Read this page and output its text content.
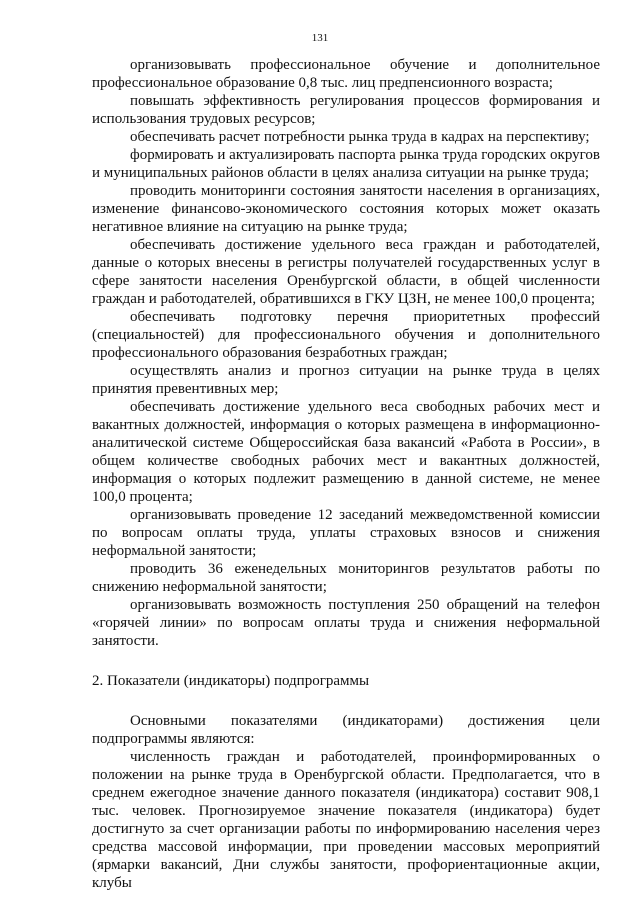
131

организовывать профессиональное обучение и дополнительное профессиональное образование 0,8 тыс. лиц предпенсионного возраста;

повышать эффективность регулирования процессов формирования и использования трудовых ресурсов;

обеспечивать расчет потребности рынка труда в кадрах на перспективу;

формировать и актуализировать паспорта рынка труда городских округов и муниципальных районов области в целях анализа ситуации на рынке труда;

проводить мониторинги состояния занятости населения в организациях, изменение финансово-экономического состояния которых может оказать негативное влияние на ситуацию на рынке труда;

обеспечивать достижение удельного веса граждан и работодателей, данные о которых внесены в регистры получателей государственных услуг в сфере занятости населения Оренбургской области, в общей численности граждан и работодателей, обратившихся в ГКУ ЦЗН, не менее 100,0 процента;

обеспечивать подготовку перечня приоритетных профессий (специальностей) для профессионального обучения и дополнительного профессионального образования безработных граждан;

осуществлять анализ и прогноз ситуации на рынке труда в целях принятия превентивных мер;

обеспечивать достижение удельного веса свободных рабочих мест и вакантных должностей, информация о которых размещена в информационно-аналитической системе Общероссийская база вакансий «Работа в России», в общем количестве свободных рабочих мест и вакантных должностей, информация о которых подлежит размещению в данной системе, не менее 100,0 процента;

организовывать проведение 12 заседаний межведомственной комиссии по вопросам оплаты труда, уплаты страховых взносов и снижения неформальной занятости;

проводить 36 еженедельных мониторингов результатов работы по снижению неформальной занятости;

организовывать возможность поступления 250 обращений на телефон «горячей линии» по вопросам оплаты труда и снижения неформальной занятости.

2. Показатели (индикаторы) подпрограммы

Основными показателями (индикаторами) достижения цели подпрограммы являются:

численность граждан и работодателей, проинформированных о положении на рынке труда в Оренбургской области. Предполагается, что в среднем ежегодное значение данного показателя (индикатора) составит 908,1 тыс. человек. Прогнозируемое значение показателя (индикатора) будет достигнуто за счет организации работы по информированию населения через средства массовой информации, при проведении массовых мероприятий (ярмарки вакансий, Дни службы занятости, профориентационные акции, клубы
